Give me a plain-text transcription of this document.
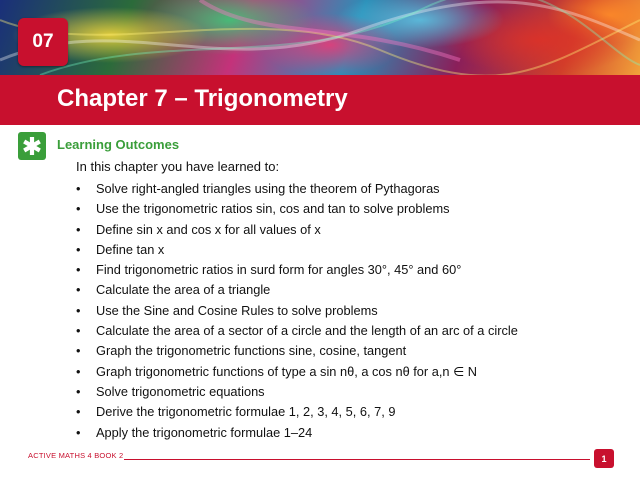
07
Chapter 7 – Trigonometry
Learning Outcomes
In this chapter you have learned to:
• Solve right-angled triangles using the theorem of Pythagoras
• Use the trigonometric ratios sin, cos and tan to solve problems
• Define sin x and cos x for all values of x
• Define tan x
• Find trigonometric ratios in surd form for angles 30°, 45° and 60°
• Calculate the area of a triangle
• Use the Sine and Cosine Rules to solve problems
• Calculate the area of a sector of a circle and the length of an arc of a circle
• Graph the trigonometric functions sine, cosine, tangent
• Graph trigonometric functions of type a sin nθ, a cos nθ for a,n ∈ N
• Solve trigonometric equations
• Derive the trigonometric formulae 1, 2, 3, 4, 5, 6, 7, 9
• Apply the trigonometric formulae 1–24
ACTIVE MATHS 4 BOOK 2	1
